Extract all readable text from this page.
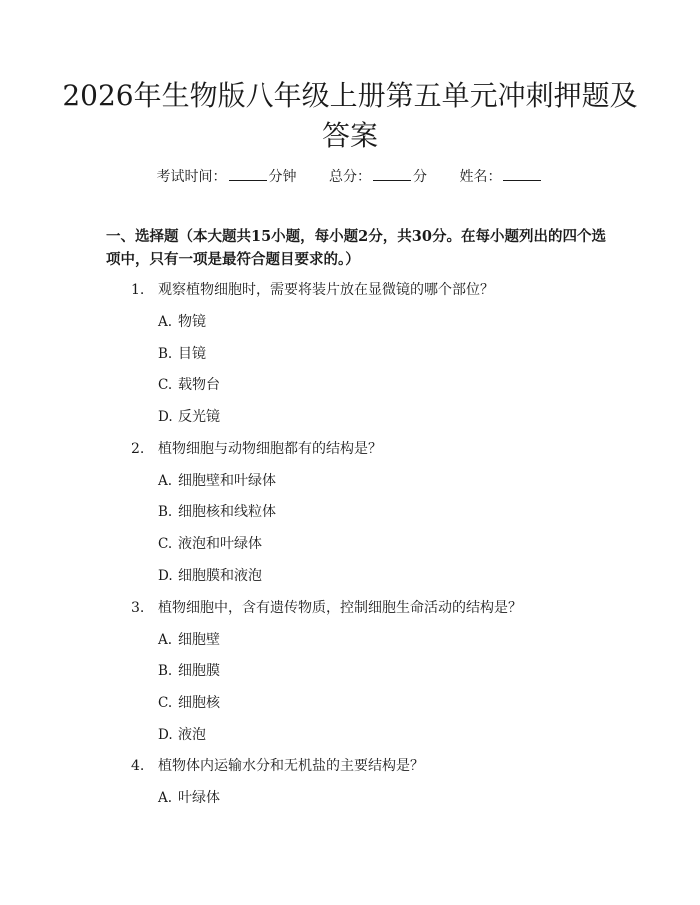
2026年生物版八年级上册第五单元冲刺押题及答案
考试时间：	分钟 总分：	分 姓名：

一、选择题（本大题共15小题，每小题2分，共30分。在每小题列出的四个选项中，只有一项是最符合题目要求的。）

1. 观察植物细胞时，需要将装片放在显微镜的哪个部位？
A. 物镜
B. 目镜
C. 载物台
D. 反光镜
2. 植物细胞与动物细胞都有的结构是？
A. 细胞壁和叶绿体
B. 细胞核和线粒体
C. 液泡和叶绿体
D. 细胞膜和液泡
3. 植物细胞中，含有遗传物质，控制细胞生命活动的结构是？
A. 细胞壁
B. 细胞膜
C. 细胞核
D. 液泡
4. 植物体内运输水分和无机盐的主要结构是？
A. 叶绿体
